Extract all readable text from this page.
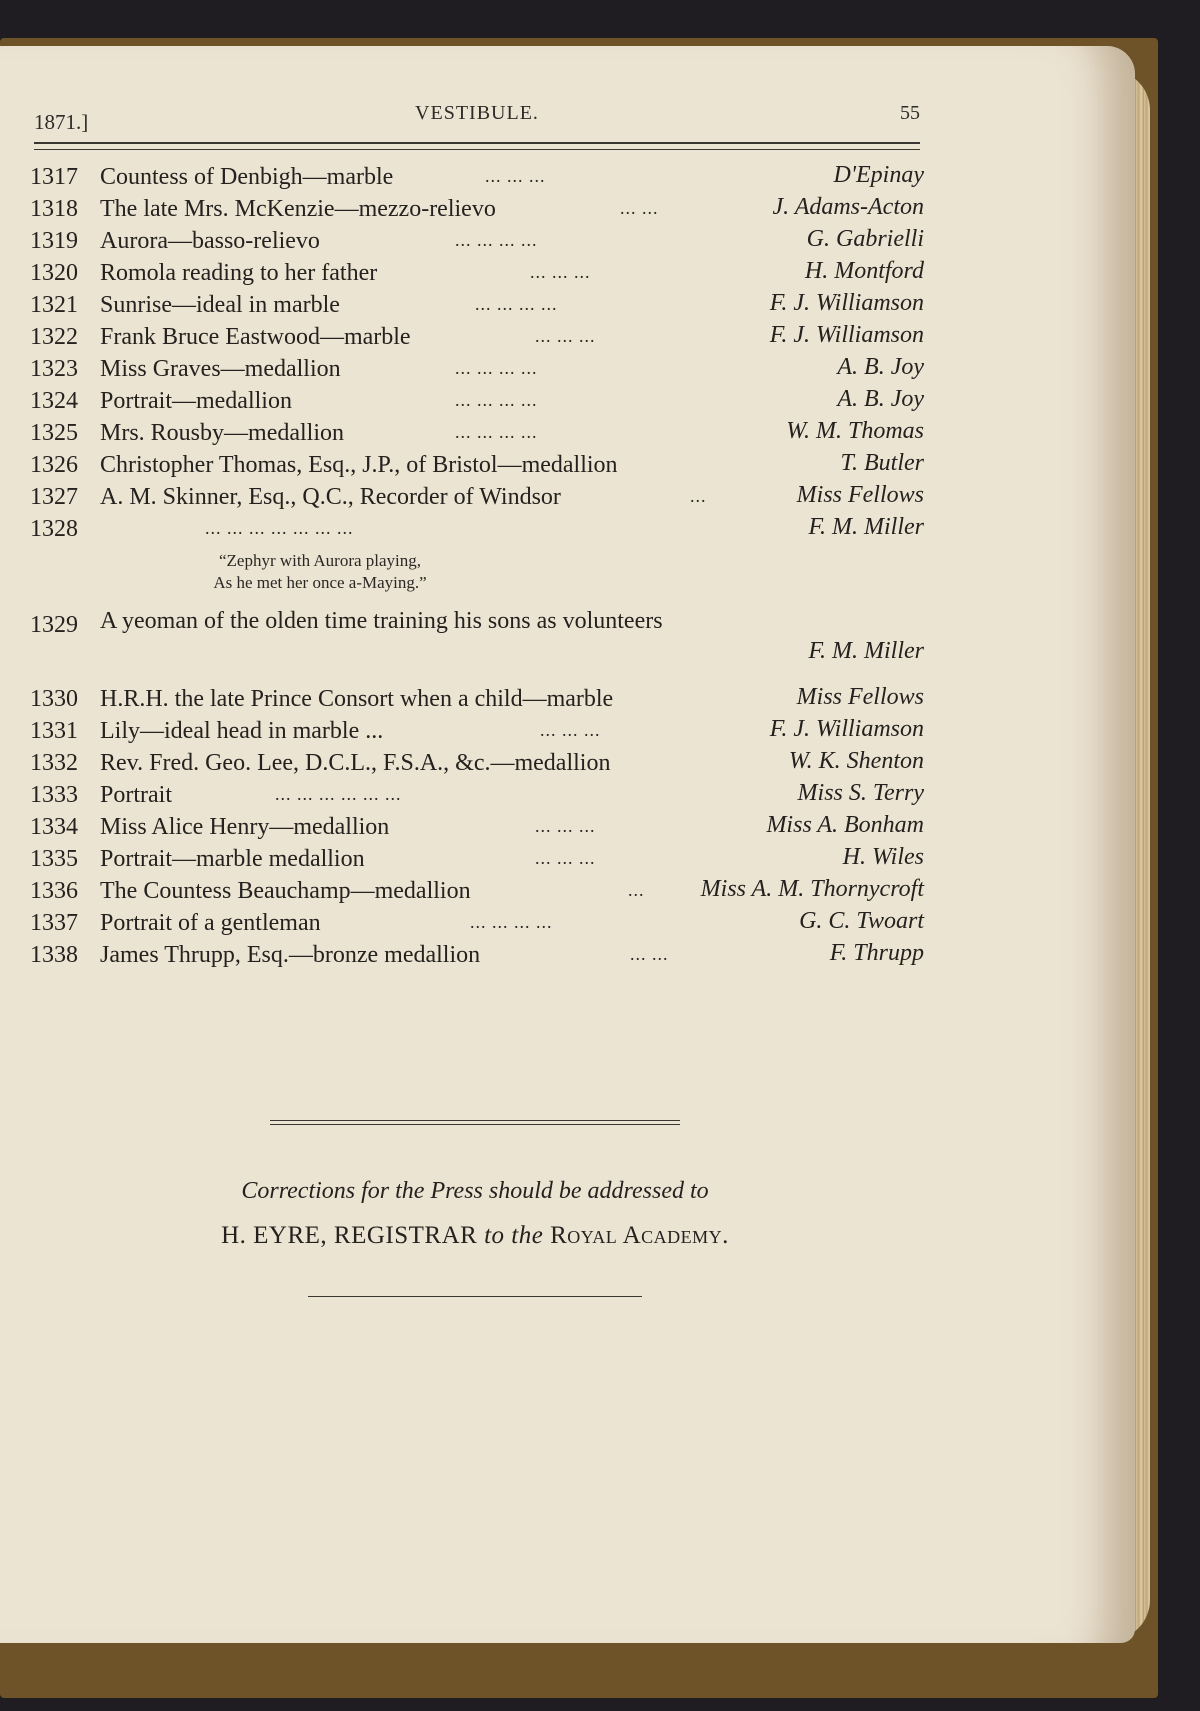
1871.]	VESTIBULE.	55
1317 Countess of Denbigh—marble	... ... ...	D'Epinay
1318 The late Mrs. McKenzie—mezzo-relievo	... ...	J. Adams-Acton
1319 Aurora—basso-relievo	... ... ... ...	G. Gabrielli
1320 Romola reading to her father	... ... ...	H. Montford
1321 Sunrise—ideal in marble	... ... ... ...	F. J. Williamson
1322 Frank Bruce Eastwood—marble	... ... ...	F. J. Williamson
1323 Miss Graves—medallion	... ... ... ...	A. B. Joy
1324 Portrait—medallion	... ... ... ...	A. B. Joy
1325 Mrs. Rousby—medallion	... ... ... ...	W. M. Thomas
1326 Christopher Thomas, Esq., J.P., of Bristol—medallion	T. Butler
1327 A. M. Skinner, Esq., Q.C., Recorder of Windsor	...	Miss Fellows
1328	... ... ... ... ... ... ...	F. M. Miller
“Zephyr with Aurora playing,
As he met her once a-Maying.”
1329 A yeoman of the olden time training his sons as volunteers
F. M. Miller
1330 H.R.H. the late Prince Consort when a child—marble	Miss Fellows
1331 Lily—ideal head in marble ...	... ... ...	F. J. Williamson
1332 Rev. Fred. Geo. Lee, D.C.L., F.S.A., &c.—medallion	W. K. Shenton
1333 Portrait	... ... ... ... ... ...	Miss S. Terry
1334 Miss Alice Henry—medallion	... ... ...	Miss A. Bonham
1335 Portrait—marble medallion	... ... ...	H. Wiles
1336 The Countess Beauchamp—medallion	... Miss A. M. Thornycroft
1337 Portrait of a gentleman	... ... ... ...	G. C. Twoart
1338 James Thrupp, Esq.—bronze medallion	... ...	F. Thrupp
Corrections for the Press should be addressed to
H. EYRE, REGISTRAR to the Royal Academy.
